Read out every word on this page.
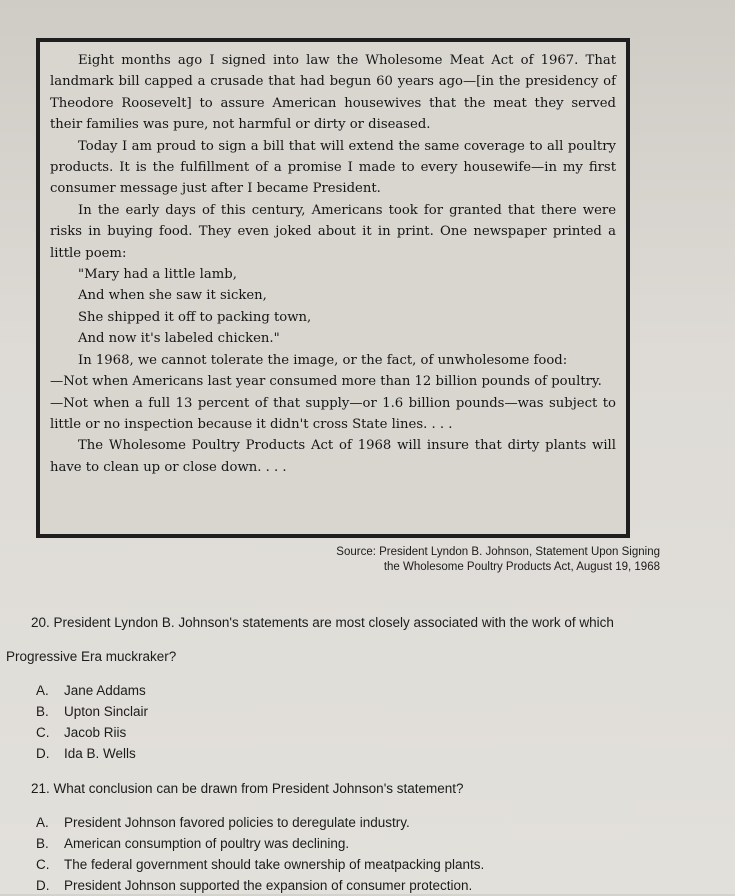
Eight months ago I signed into law the Wholesome Meat Act of 1967. That landmark bill capped a crusade that had begun 60 years ago—[in the presidency of Theodore Roosevelt] to assure American housewives that the meat they served their families was pure, not harmful or dirty or diseased.

Today I am proud to sign a bill that will extend the same coverage to all poultry products. It is the fulfillment of a promise I made to every housewife—in my first consumer message just after I became President.

In the early days of this century, Americans took for granted that there were risks in buying food. They even joked about it in print. One newspaper printed a little poem:

"Mary had a little lamb,

And when she saw it sicken,

She shipped it off to packing town,

And now it's labeled chicken."

In 1968, we cannot tolerate the image, or the fact, of unwholesome food:

—Not when Americans last year consumed more than 12 billion pounds of poultry.

—Not when a full 13 percent of that supply—or 1.6 billion pounds—was subject to little or no inspection because it didn't cross State lines. . . .

The Wholesome Poultry Products Act of 1968 will insure that dirty plants will have to clean up or close down. . . .

Source: President Lyndon B. Johnson, Statement Upon Signing
the Wholesome Poultry Products Act, August 19, 1968

20. President Lyndon B. Johnson's statements are most closely associated with the work of which

Progressive Era muckraker?

A.	Jane Addams
B.	Upton Sinclair
C.	Jacob Riis
D.	Ida B. Wells

21. What conclusion can be drawn from President Johnson's statement?

A.	President Johnson favored policies to deregulate industry.
B.	American consumption of poultry was declining.
C.	The federal government should take ownership of meatpacking plants.
D.	President Johnson supported the expansion of consumer protection.
